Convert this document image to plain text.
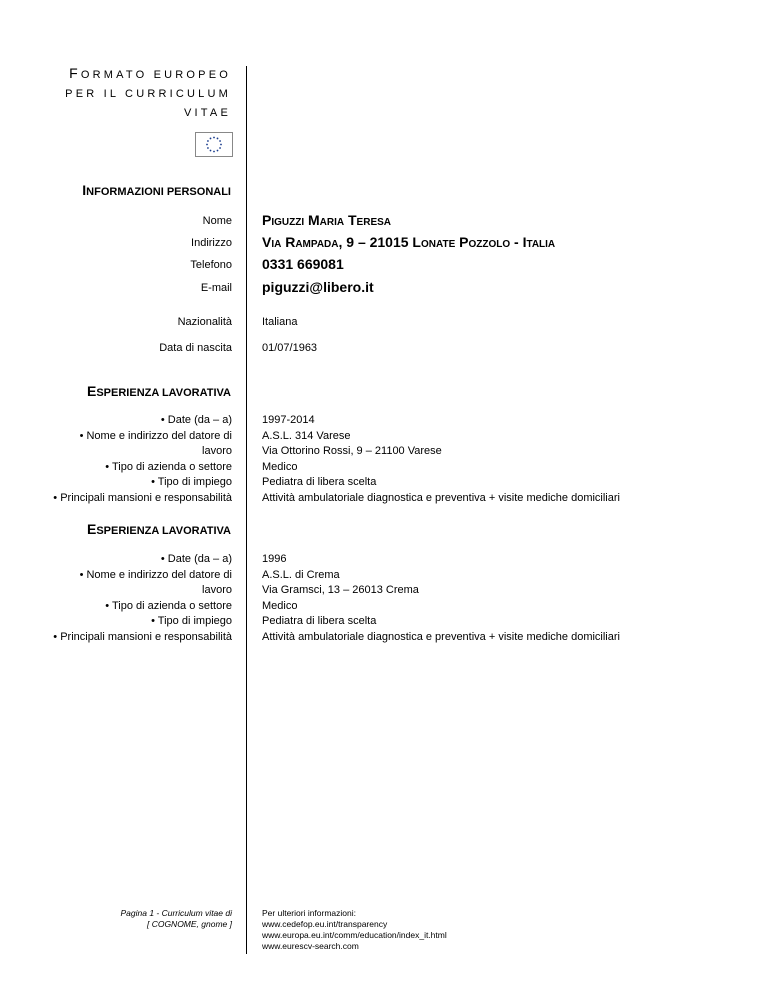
FORMATO EUROPEO
PER IL CURRICULUM
VITAE
INFORMAZIONI PERSONALI
Nome Piguzzi Maria Teresa
Indirizzo Via Rampada, 9 – 21015 Lonate Pozzolo - Italia
Telefono 0331 669081
E-mail piguzzi@libero.it
Nazionalità	Italiana
Data di nascita	01/07/1963
ESPERIENZA LAVORATIVA
• Date (da – a)
• Nome e indirizzo del datore di
lavoro
• Tipo di azienda o settore
• Tipo di impiego
• Principali mansioni e responsabilità
1997-2014
A.S.L. 314 Varese
Via Ottorino Rossi, 9 – 21100 Varese
Medico
Pediatra di libera scelta
Attività ambulatoriale diagnostica e preventiva + visite mediche domiciliari
ESPERIENZA LAVORATIVA
• Date (da – a)
• Nome e indirizzo del datore di
lavoro
• Tipo di azienda o settore
• Tipo di impiego
• Principali mansioni e responsabilità
1996
A.S.L. di Crema
Via Gramsci, 13 – 26013 Crema
Medico
Pediatra di libera scelta
Attività ambulatoriale diagnostica e preventiva + visite mediche domiciliari
Pagina 1 - Curriculum vitae di
[ COGNOME, gnome ]
Per ulteriori informazioni:
www.cedefop.eu.int/transparency
www.europa.eu.int/comm/education/index_it.html
www.eurescv-search.com
